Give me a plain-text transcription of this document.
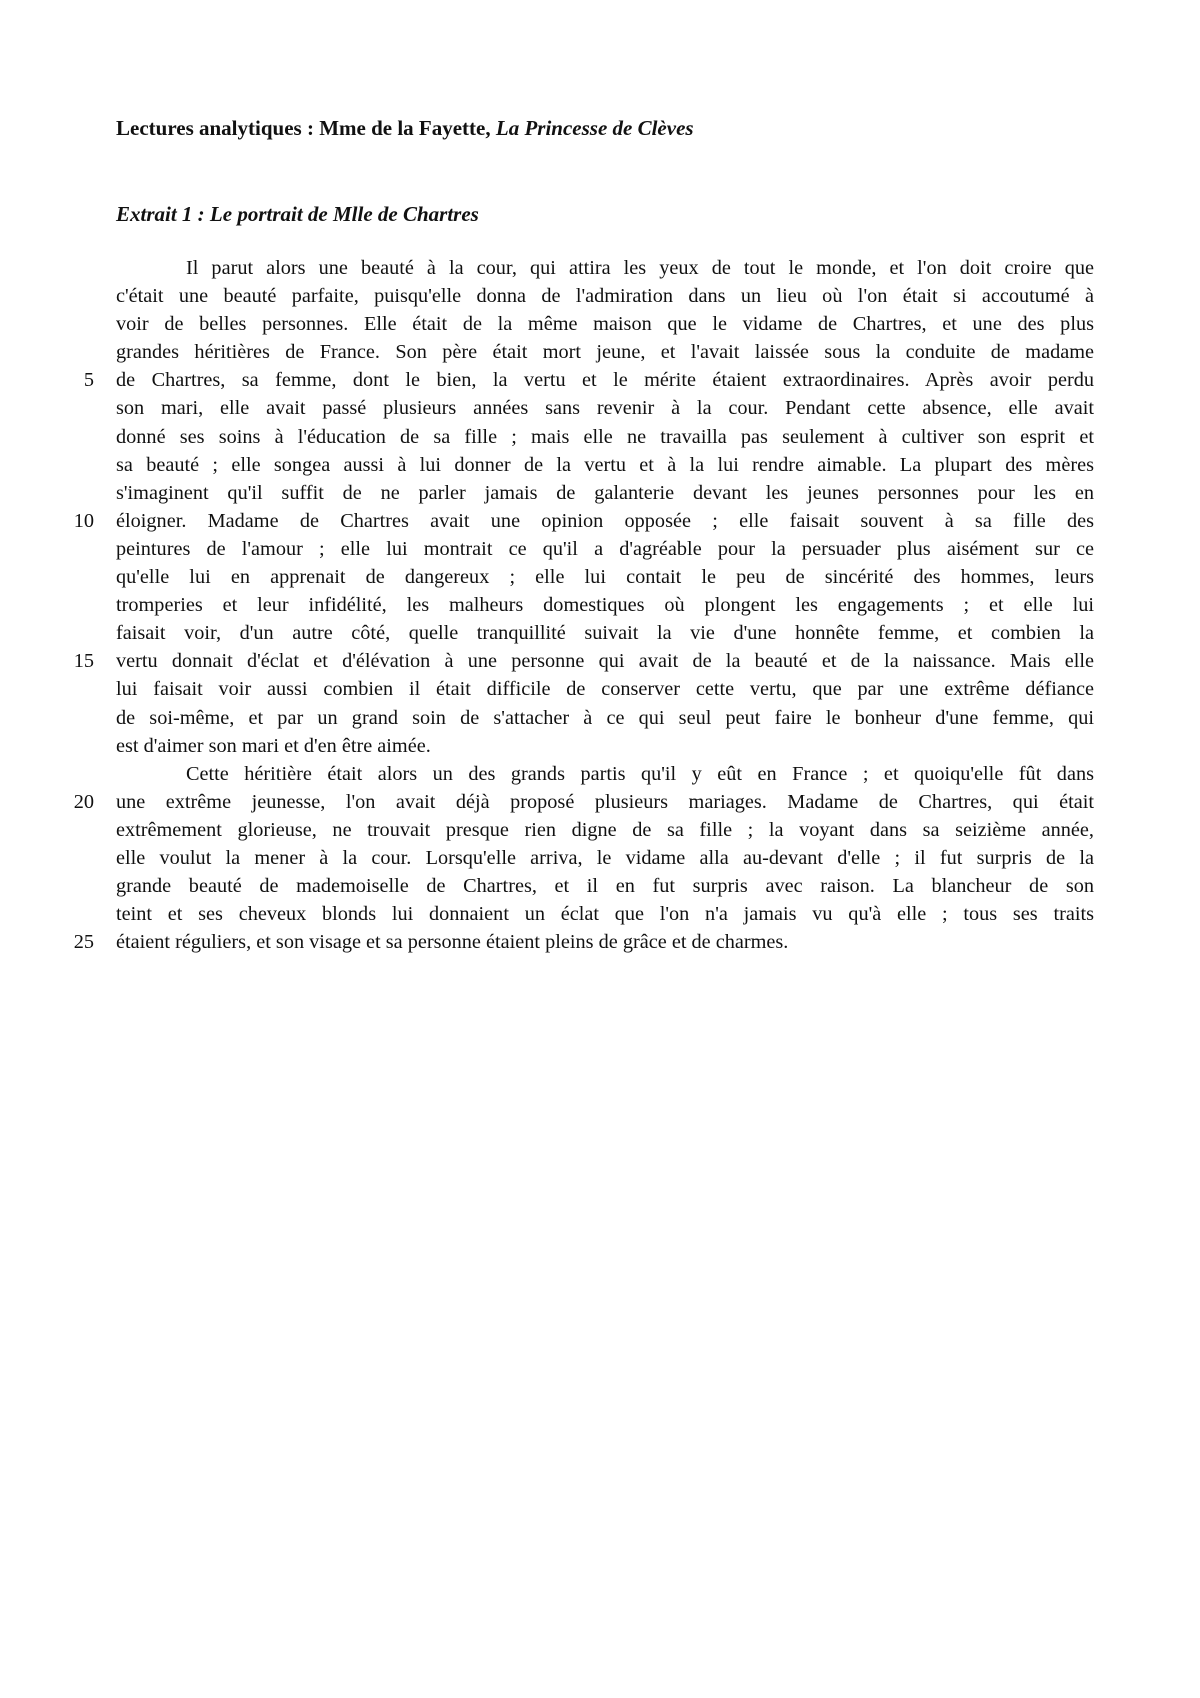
Lectures analytiques : Mme de la Fayette, La Princesse de Clèves
Extrait 1 : Le portrait de Mlle de Chartres
Il parut alors une beauté à la cour, qui attira les yeux de tout le monde, et l'on doit croire que
c'était une beauté parfaite, puisqu'elle donna de l'admiration dans un lieu où l'on était si accoutumé à
voir de belles personnes. Elle était de la même maison que le vidame de Chartres, et une des plus
grandes héritières de France. Son père était mort jeune, et l'avait laissée sous la conduite de madame
5 de Chartres, sa femme, dont le bien, la vertu et le mérite étaient extraordinaires. Après avoir perdu
son mari, elle avait passé plusieurs années sans revenir à la cour. Pendant cette absence, elle avait
donné ses soins à l'éducation de sa fille ; mais elle ne travailla pas seulement à cultiver son esprit et
sa beauté ; elle songea aussi à lui donner de la vertu et à la lui rendre aimable. La plupart des mères
s'imaginent qu'il suffit de ne parler jamais de galanterie devant les jeunes personnes pour les en
10 éloigner. Madame de Chartres avait une opinion opposée ; elle faisait souvent à sa fille des
peintures de l'amour ; elle lui montrait ce qu'il a d'agréable pour la persuader plus aisément sur ce
qu'elle lui en apprenait de dangereux ; elle lui contait le peu de sincérité des hommes, leurs
tromperies et leur infidélité, les malheurs domestiques où plongent les engagements ; et elle lui
faisait voir, d'un autre côté, quelle tranquillité suivait la vie d'une honnête femme, et combien la
15 vertu donnait d'éclat et d'élévation à une personne qui avait de la beauté et de la naissance. Mais elle
lui faisait voir aussi combien il était difficile de conserver cette vertu, que par une extrême défiance
de soi-même, et par un grand soin de s'attacher à ce qui seul peut faire le bonheur d'une femme, qui
est d'aimer son mari et d'en être aimée.
Cette héritière était alors un des grands partis qu'il y eût en France ; et quoiqu'elle fût dans
20 une extrême jeunesse, l'on avait déjà proposé plusieurs mariages. Madame de Chartres, qui était
extrêmement glorieuse, ne trouvait presque rien digne de sa fille ; la voyant dans sa seizième année,
elle voulut la mener à la cour. Lorsqu'elle arriva, le vidame alla au-devant d'elle ; il fut surpris de la
grande beauté de mademoiselle de Chartres, et il en fut surpris avec raison. La blancheur de son
teint et ses cheveux blonds lui donnaient un éclat que l'on n'a jamais vu qu'à elle ; tous ses traits
25 étaient réguliers, et son visage et sa personne étaient pleins de grâce et de charmes.
